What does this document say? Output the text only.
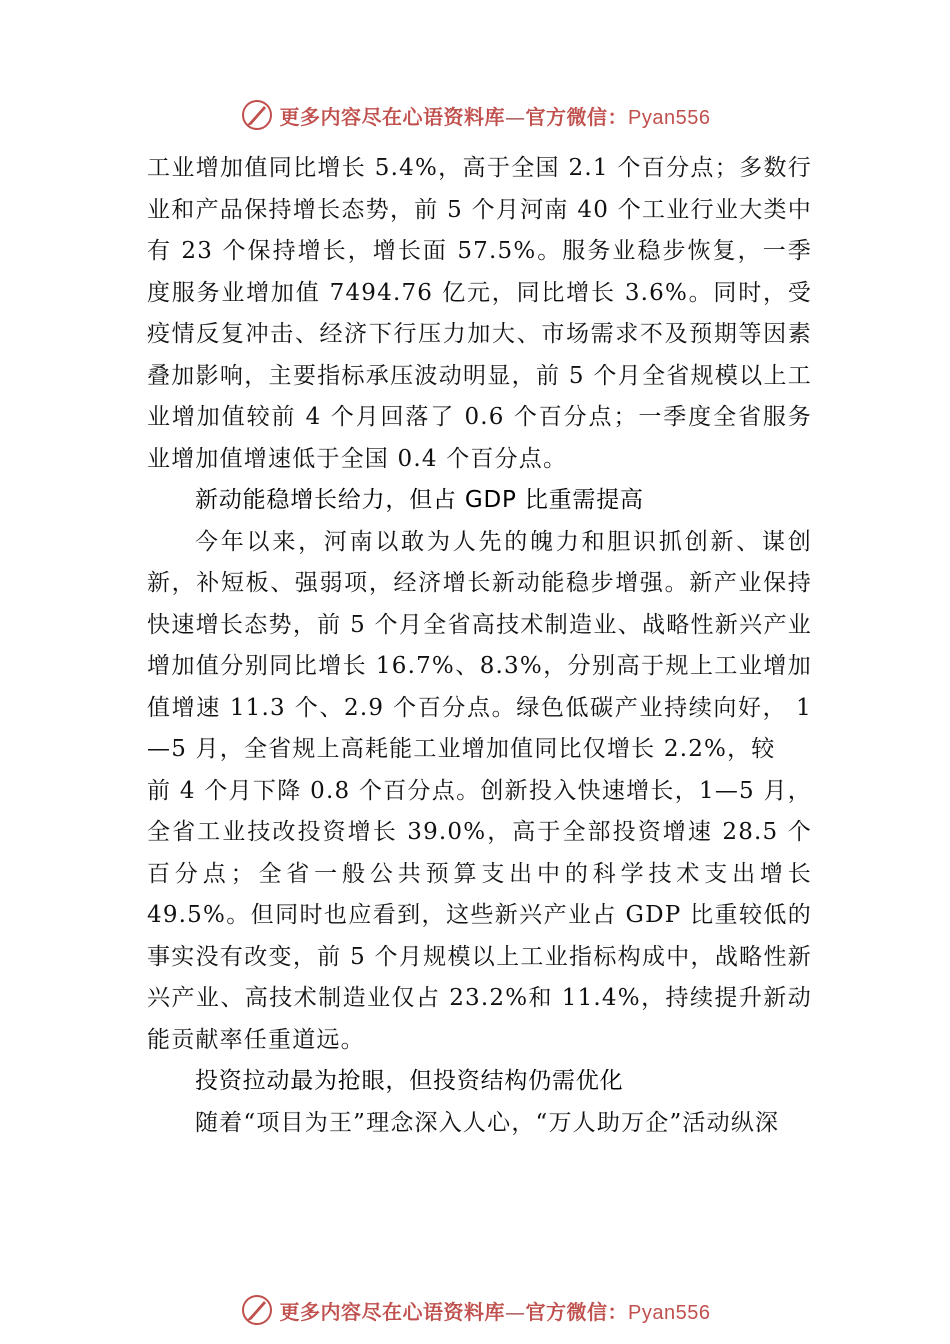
更多内容尽在心语资料库—官方微信：Pyan556

工业增加值同比增长 5.4%，高于全国 2.1 个百分点；多数行业和产品保持增长态势，前 5 个月河南 40 个工业行业大类中有 23 个保持增长，增长面 57.5%。服务业稳步恢复，一季度服务业增加值 7494.76 亿元，同比增长 3.6%。同时，受疫情反复冲击、经济下行压力加大、市场需求不及预期等因素叠加影响，主要指标承压波动明显，前 5 个月全省规模以上工业增加值较前 4 个月回落了 0.6 个百分点；一季度全省服务业增加值增速低于全国 0.4 个百分点。

新动能稳增长给力，但占 GDP 比重需提高

今年以来，河南以敢为人先的魄力和胆识抓创新、谋创新，补短板、强弱项，经济增长新动能稳步增强。新产业保持快速增长态势，前 5 个月全省高技术制造业、战略性新兴产业增加值分别同比增长 16.7%、8.3%，分别高于规上工业增加值增速 11.3 个、2.9 个百分点。绿色低碳产业持续向好， 1—5 月，全省规上高耗能工业增加值同比仅增长 2.2%，较

前 4 个月下降 0.8 个百分点。创新投入快速增长，1—5 月，全省工业技改投资增长 39.0%，高于全部投资增速 28.5 个百分点；全省一般公共预算支出中的科学技术支出增长 49.5%。但同时也应看到，这些新兴产业占 GDP 比重较低的事实没有改变，前 5 个月规模以上工业指标构成中，战略性新兴产业、高技术制造业仅占 23.2%和 11.4%，持续提升新动能贡献率任重道远。

投资拉动最为抢眼，但投资结构仍需优化

随着“项目为王”理念深入人心，“万人助万企”活动纵深

更多内容尽在心语资料库—官方微信：Pyan556
